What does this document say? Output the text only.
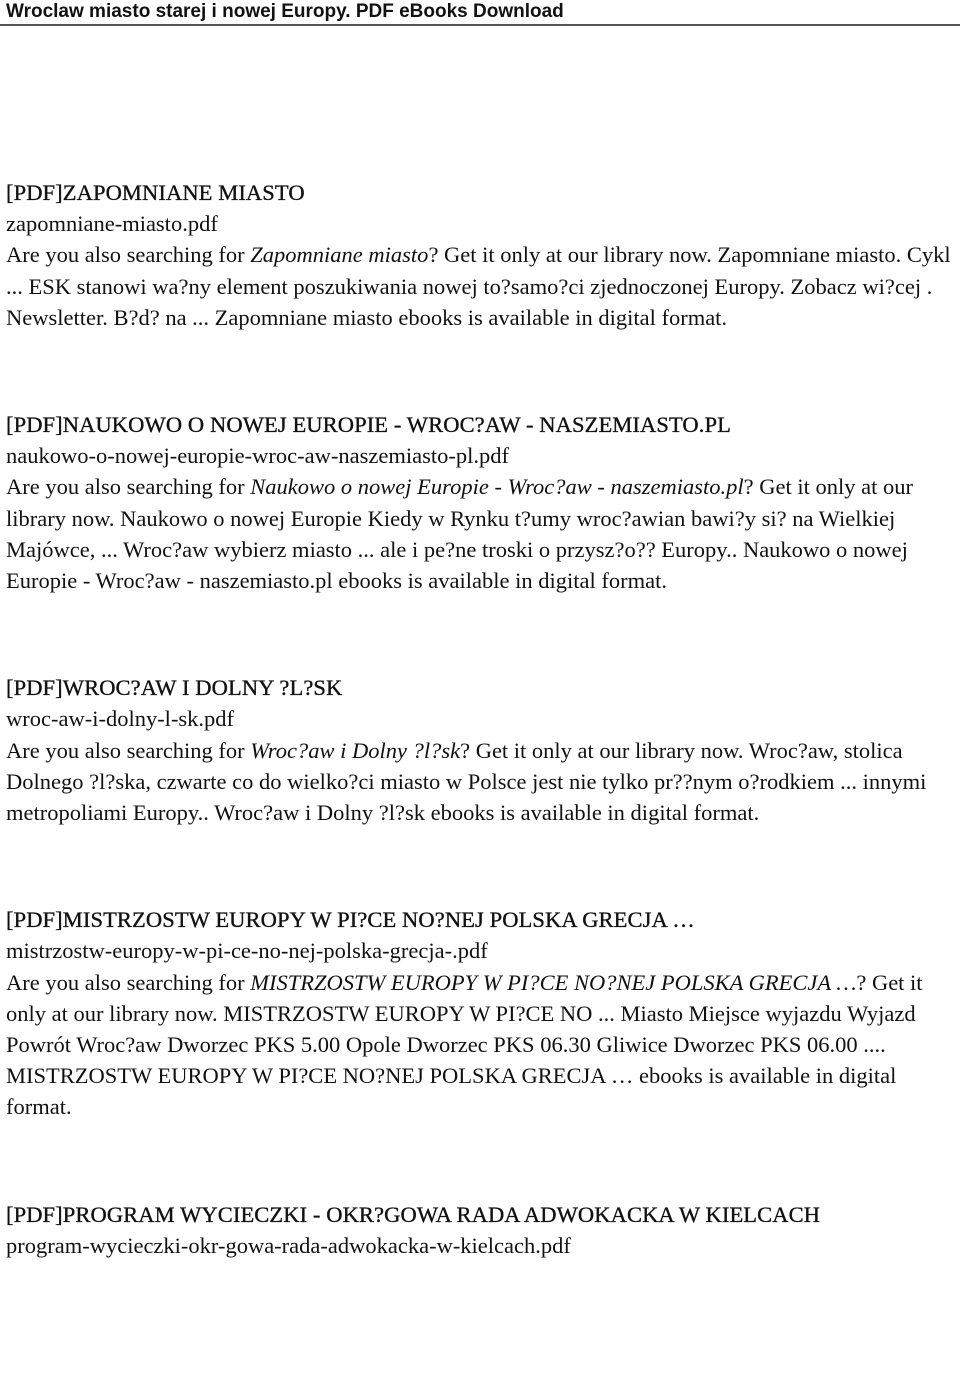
Wroclaw miasto starej i nowej Europy. PDF eBooks Download

[PDF]ZAPOMNIANE MIASTO

zapomniane-miasto.pdf

Are you also searching for Zapomniane miasto? Get it only at our library now. Zapomniane miasto. Cykl ... ESK stanowi wa?ny element poszukiwania nowej to?samo?ci zjednoczonej Europy. Zobacz wi?cej . Newsletter. B?d? na ... Zapomniane miasto ebooks is available in digital format.

[PDF]NAUKOWO O NOWEJ EUROPIE - WROC?AW - NASZEMIASTO.PL

naukowo-o-nowej-europie-wroc-aw-naszemiasto-pl.pdf

Are you also searching for Naukowo o nowej Europie - Wroc?aw - naszemiasto.pl? Get it only at our library now. Naukowo o nowej Europie Kiedy w Rynku t?umy wroc?awian bawi?y si? na Wielkiej Majówce, ... Wroc?aw wybierz miasto ... ale i pe?ne troski o przysz?o?? Europy.. Naukowo o nowej Europie - Wroc?aw - naszemiasto.pl ebooks is available in digital format.

[PDF]WROC?AW I DOLNY ?L?SK

wroc-aw-i-dolny-l-sk.pdf

Are you also searching for Wroc?aw i Dolny ?l?sk? Get it only at our library now. Wroc?aw, stolica Dolnego ?l?ska, czwarte co do wielko?ci miasto w Polsce jest nie tylko pr??nym o?rodkiem ... innymi metropoliami Europy.. Wroc?aw i Dolny ?l?sk ebooks is available in digital format.

[PDF]MISTRZOSTW EUROPY W PI?CE NO?NEJ POLSKA GRECJA …

mistrzostw-europy-w-pi-ce-no-nej-polska-grecja-.pdf

Are you also searching for MISTRZOSTW EUROPY W PI?CE NO?NEJ POLSKA GRECJA …? Get it only at our library now. MISTRZOSTW EUROPY W PI?CE NO ... Miasto Miejsce wyjazdu Wyjazd Powrót Wroc?aw Dworzec PKS 5.00 Opole Dworzec PKS 06.30 Gliwice Dworzec PKS 06.00 .... MISTRZOSTW EUROPY W PI?CE NO?NEJ POLSKA GRECJA … ebooks is available in digital format.

[PDF]PROGRAM WYCIECZKI - OKR?GOWA RADA ADWOKACKA W KIELCACH

program-wycieczki-okr-gowa-rada-adwokacka-w-kielcach.pdf
